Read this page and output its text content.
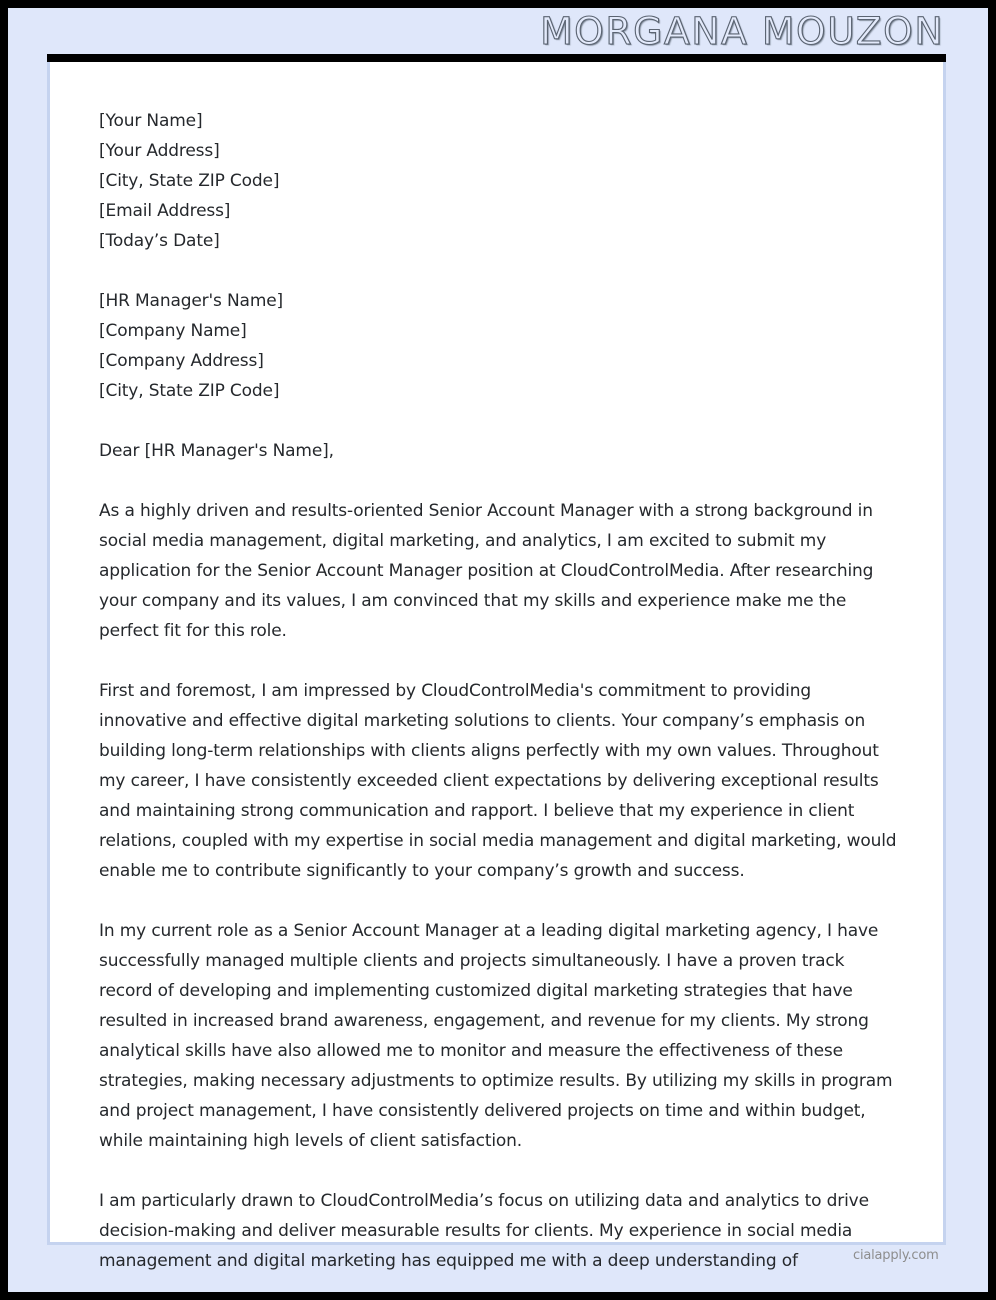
MORGANA MOUZON
[Your Name]
[Your Address]
[City, State ZIP Code]
[Email Address]
[Today’s Date]
[HR Manager's Name]
[Company Name]
[Company Address]
[City, State ZIP Code]
Dear [HR Manager's Name],

As a highly driven and results-oriented Senior Account Manager with a strong background in social media management, digital marketing, and analytics, I am excited to submit my application for the Senior Account Manager position at CloudControlMedia. After researching your company and its values, I am convinced that my skills and experience make me the perfect fit for this role.

First and foremost, I am impressed by CloudControlMedia's commitment to providing innovative and effective digital marketing solutions to clients. Your company’s emphasis on building long-term relationships with clients aligns perfectly with my own values. Throughout my career, I have consistently exceeded client expectations by delivering exceptional results and maintaining strong communication and rapport. I believe that my experience in client relations, coupled with my expertise in social media management and digital marketing, would enable me to contribute significantly to your company’s growth and success.

In my current role as a Senior Account Manager at a leading digital marketing agency, I have successfully managed multiple clients and projects simultaneously. I have a proven track record of developing and implementing customized digital marketing strategies that have resulted in increased brand awareness, engagement, and revenue for my clients. My strong analytical skills have also allowed me to monitor and measure the effectiveness of these strategies, making necessary adjustments to optimize results. By utilizing my skills in program and project management, I have consistently delivered projects on time and within budget, while maintaining high levels of client satisfaction.

I am particularly drawn to CloudControlMedia’s focus on utilizing data and analytics to drive decision-making and deliver measurable results for clients. My experience in social media management and digital marketing has equipped me with a deep understanding of	cialapply.com
